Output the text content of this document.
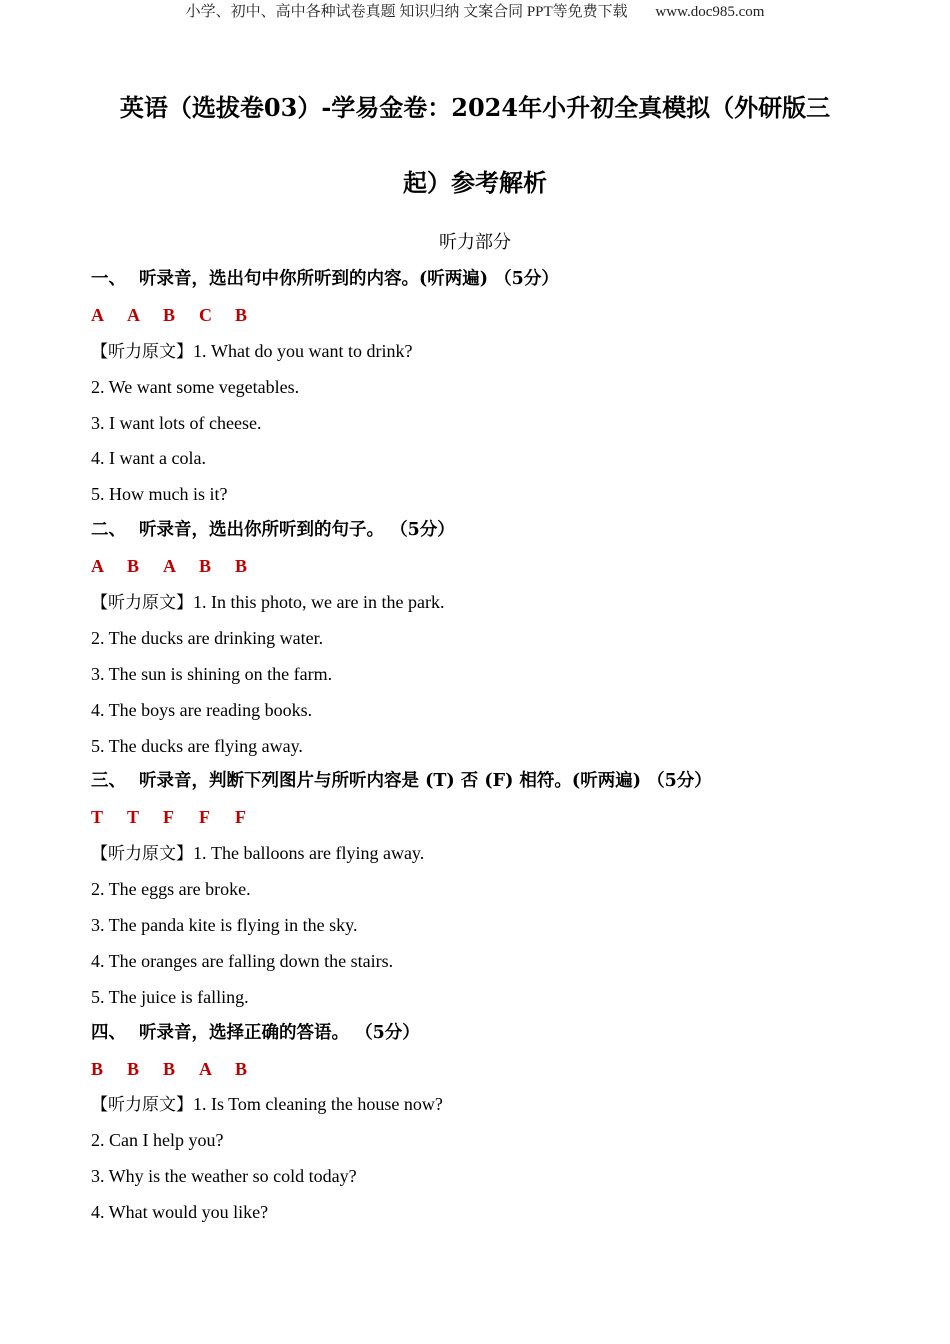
小学、初中、高中各种试卷真题 知识归纳 文案合同 PPT等免费下载 www.doc985.com
英语（选拔卷03）-学易金卷：2024年小升初全真模拟（外研版三
起）参考解析
听力部分
一、 听录音，选出句中你所听到的内容。(听两遍) （5分）
A A B C B
【听力原文】1. What do you want to drink?
2. We want some vegetables.
3. I want lots of cheese.
4. I want a cola.
5. How much is it?
二、 听录音，选出你所听到的句子。 （5分）
A B A B B
【听力原文】1. In this photo, we are in the park.
2. The ducks are drinking water.
3. The sun is shining on the farm.
4. The boys are reading books.
5. The ducks are flying away.
三、 听录音，判断下列图片与所听内容是 (T) 否 (F) 相符。(听两遍) （5分）
T T F F F
【听力原文】1. The balloons are flying away.
2. The eggs are broke.
3. The panda kite is flying in the sky.
4. The oranges are falling down the stairs.
5. The juice is falling.
四、 听录音，选择正确的答语。 （5分）
B B B A B
【听力原文】1. Is Tom cleaning the house now?
2. Can I help you?
3. Why is the weather so cold today?
4. What would you like?
